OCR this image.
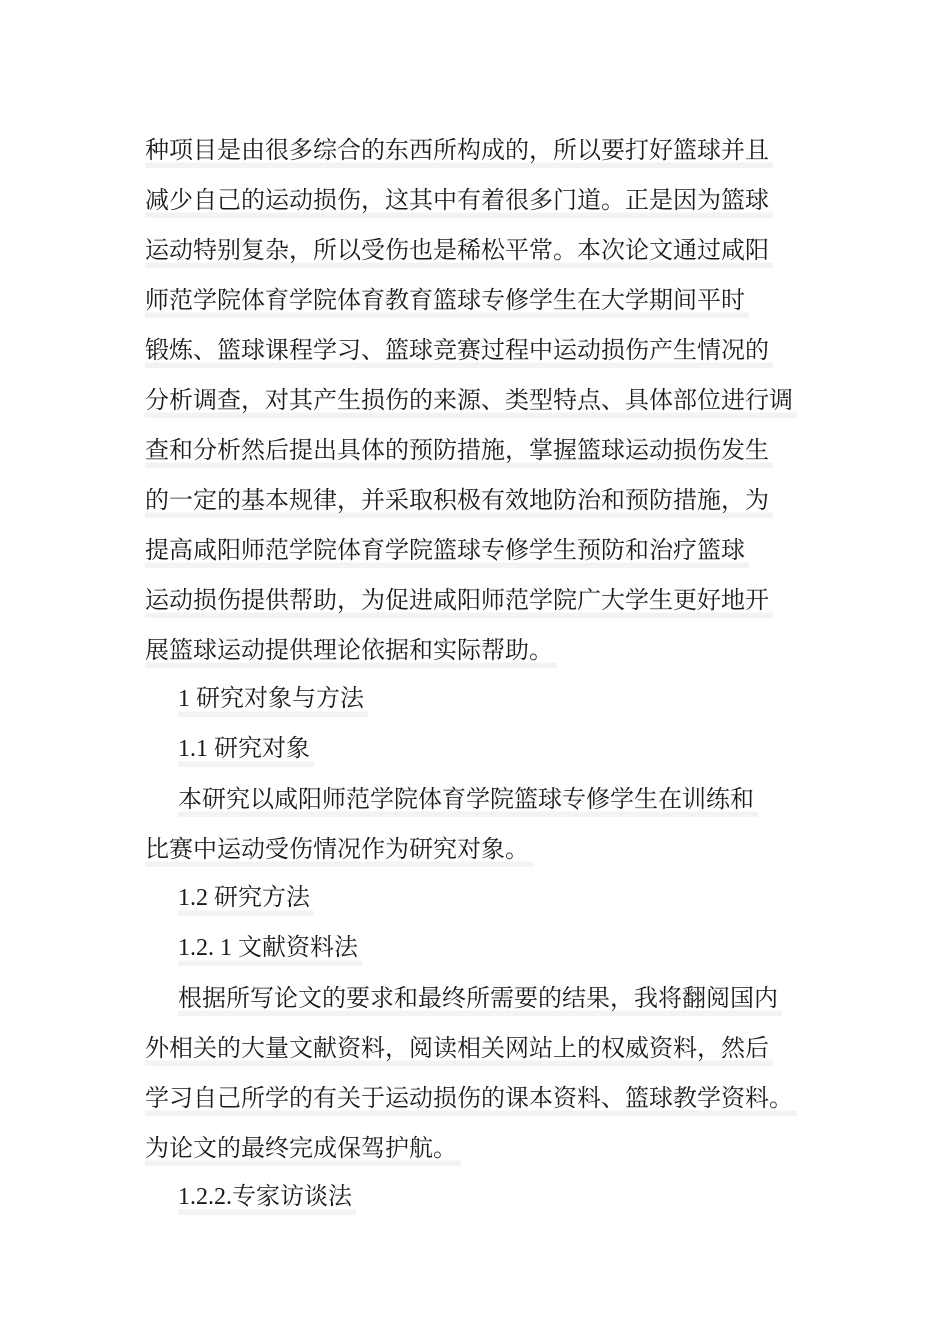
种项目是由很多综合的东西所构成的，所以要打好篮球并且
减少自己的运动损伤，这其中有着很多门道。正是因为篮球
运动特别复杂，所以受伤也是稀松平常。本次论文通过咸阳
师范学院体育学院体育教育篮球专修学生在大学期间平时
锻炼、篮球课程学习、篮球竞赛过程中运动损伤产生情况的
分析调查，对其产生损伤的来源、类型特点、具体部位进行调
查和分析然后提出具体的预防措施，掌握篮球运动损伤发生
的一定的基本规律，并采取积极有效地防治和预防措施，为
提高咸阳师范学院体育学院篮球专修学生预防和治疗篮球
运动损伤提供帮助，为促进咸阳师范学院广大学生更好地开
展篮球运动提供理论依据和实际帮助。
1 研究对象与方法
1.1 研究对象
本研究以咸阳师范学院体育学院篮球专修学生在训练和
比赛中运动受伤情况作为研究对象。
1.2 研究方法
1.2. 1 文献资料法
根据所写论文的要求和最终所需要的结果，我将翻阅国内
外相关的大量文献资料，阅读相关网站上的权威资料，然后
学习自己所学的有关于运动损伤的课本资料、篮球教学资料。
为论文的最终完成保驾护航。
1.2.2.专家访谈法
